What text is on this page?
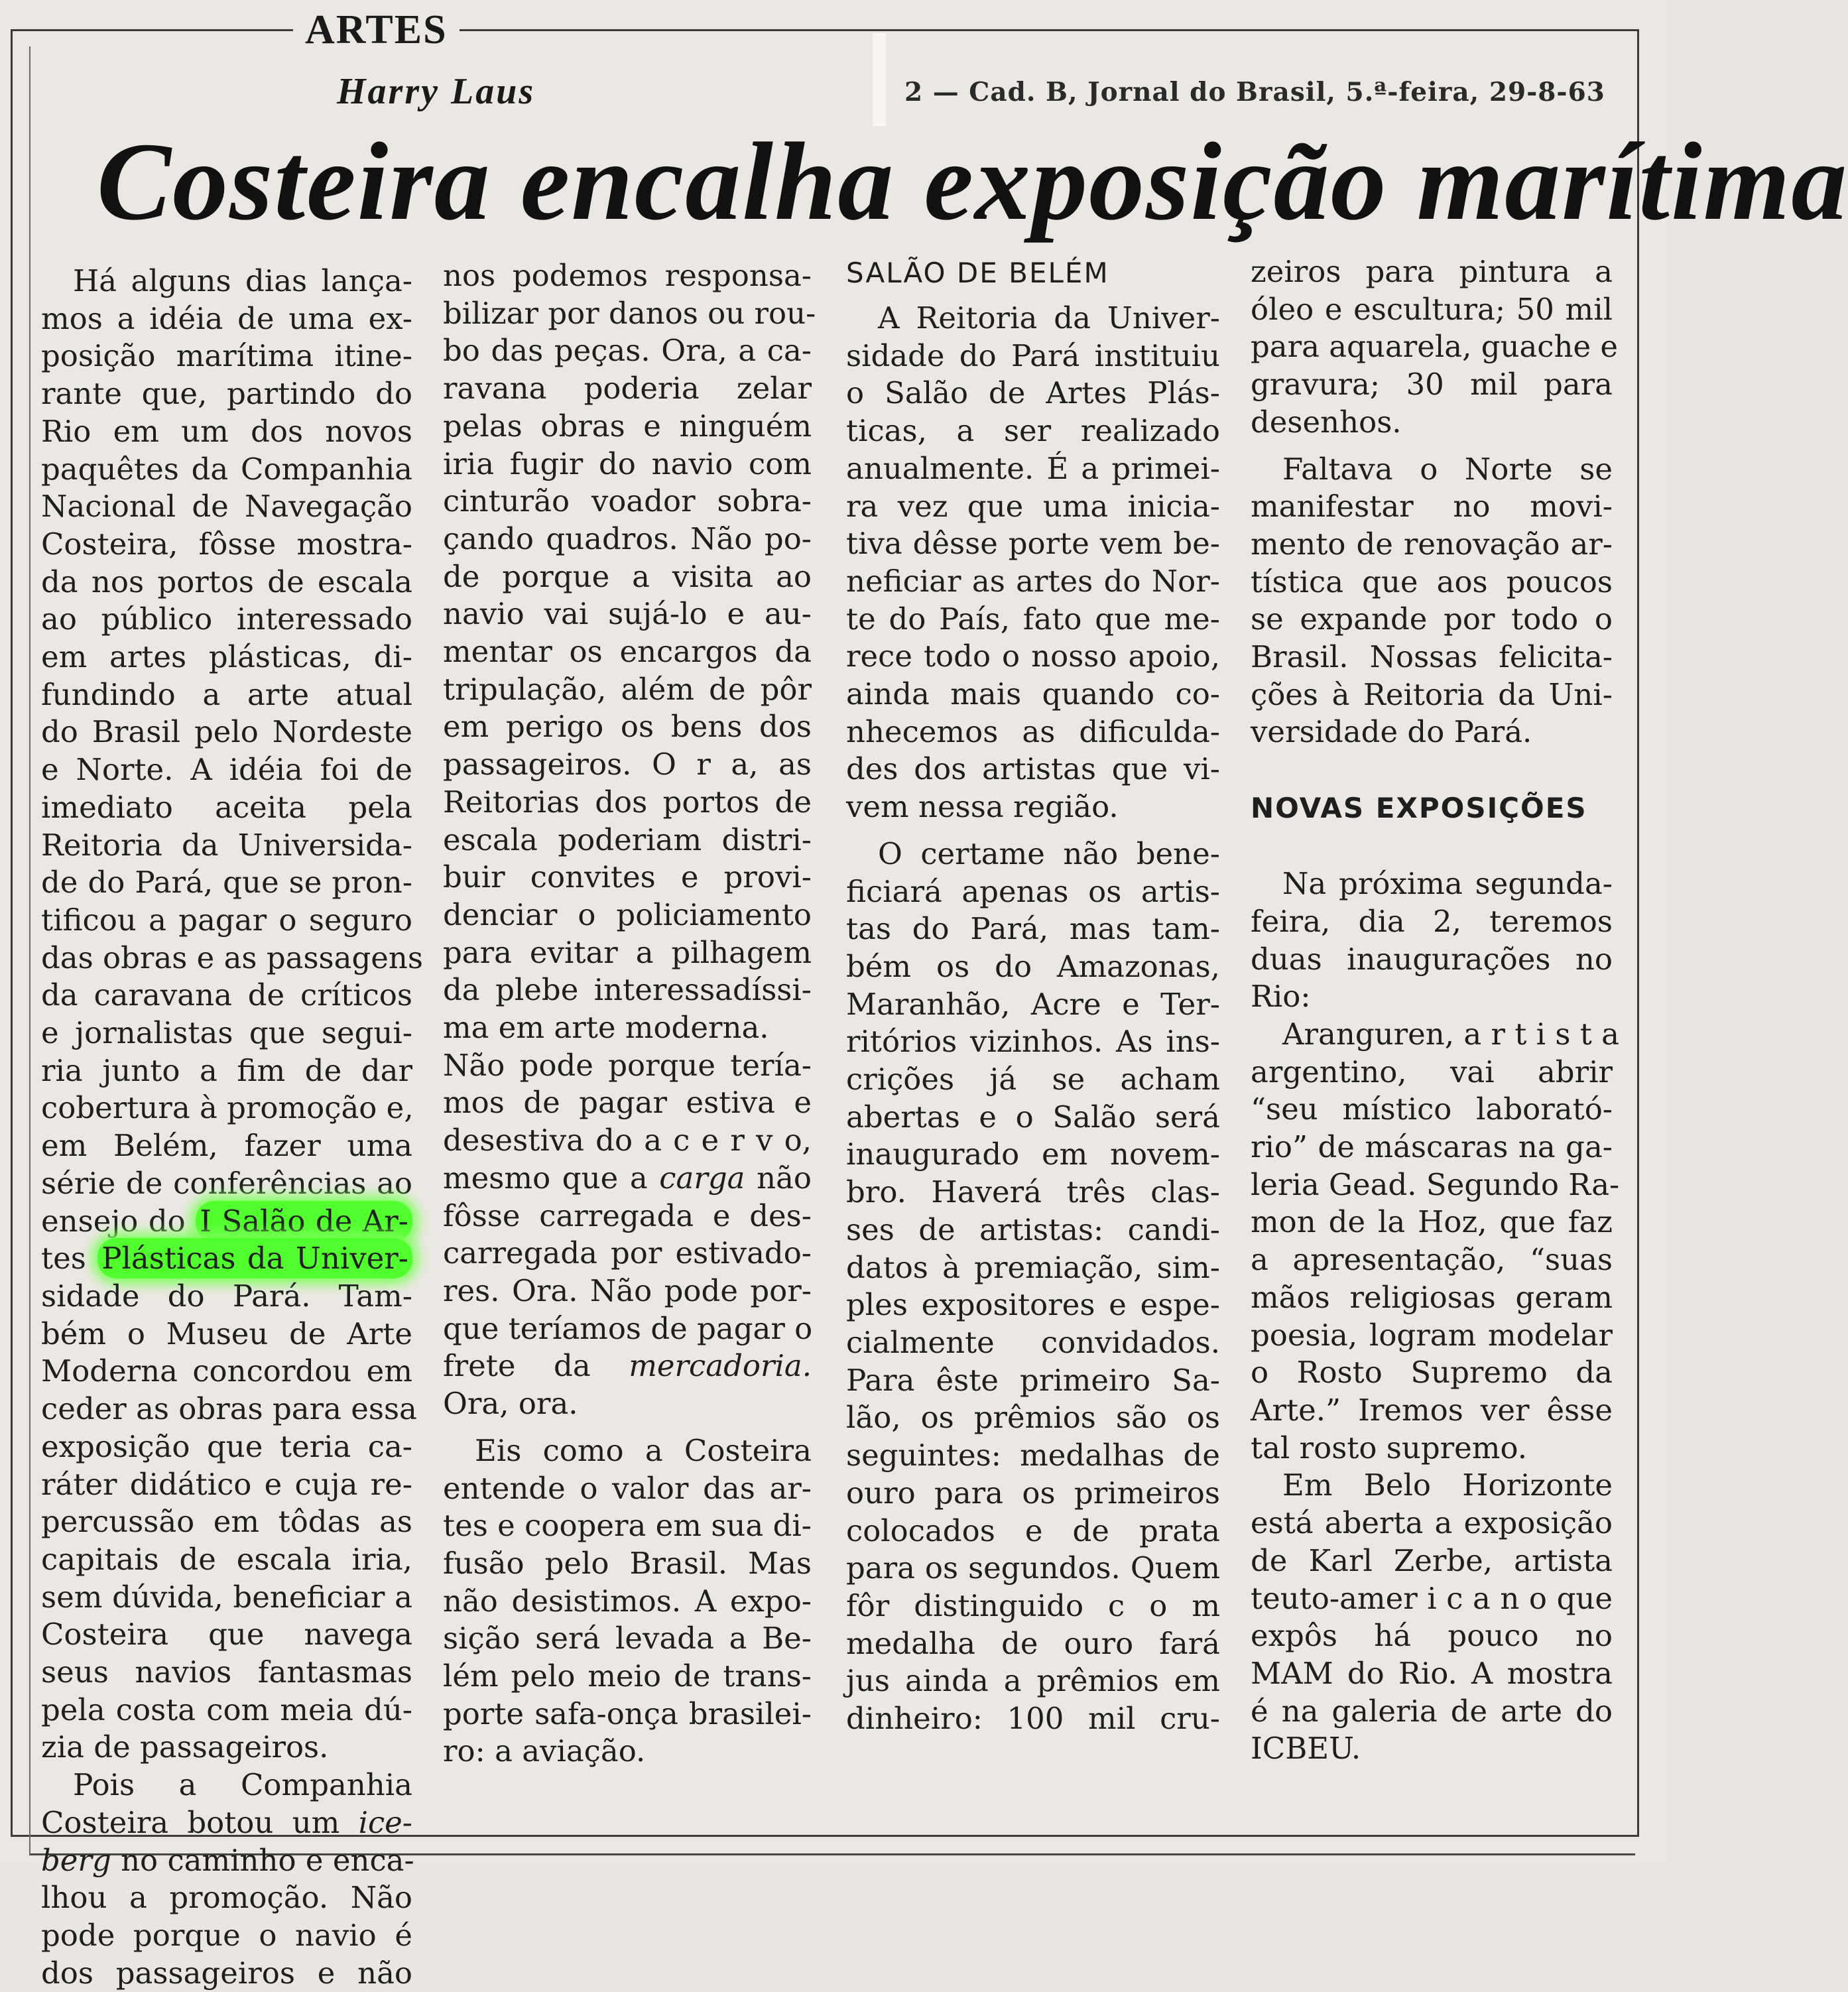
ARTES
Harry Laus	2 — Cad. B, Jornal do Brasil, 5.ª-feira, 29-8-63
Costeira encalha exposição marítima

Há alguns dias lança-

mos a idéia de uma ex-

posição marítima itine-

rante que, partindo do

Rio em um dos novos

paquêtes da Companhia

Nacional de Navegação

Costeira, fôsse mostra-

da nos portos de escala

ao público interessado

em artes plásticas, di-

fundindo a arte atual

do Brasil pelo Nordeste

e Norte. A idéia foi de

imediato aceita pela

Reitoria da Universida-

de do Pará, que se pron-

tificou a pagar o seguro

das obras e as passagens

da caravana de críticos

e jornalistas que segui-

ria junto a fim de dar

cobertura à promoção e,

em Belém, fazer uma

série de conferências ao

ensejo do I Salão de Ar-

tes Plásticas da Univer-

sidade do Pará. Tam-

bém o Museu de Arte

Moderna concordou em

ceder as obras para essa

exposição que teria ca-

ráter didático e cuja re-

percussão em tôdas as

capitais de escala iria,

sem dúvida, beneficiar a

Costeira que navega

seus navios fantasmas

pela costa com meia dú-

zia de passageiros.

Pois a Companhia

Costeira botou um ice-

berg no caminho e enca-

lhou a promoção. Não

pode porque o navio é

dos passageiros e não

nos podemos responsa-

bilizar por danos ou rou-

bo das peças. Ora, a ca-

ravana poderia zelar

pelas obras e ninguém

iria fugir do navio com

cinturão voador sobra-

çando quadros. Não po-

de porque a visita ao

navio vai sujá-lo e au-

mentar os encargos da

tripulação, além de pôr

em perigo os bens dos

passageiros. O r a, as

Reitorias dos portos de

escala poderiam distri-

buir convites e provi-

denciar o policiamento

para evitar a pilhagem

da plebe interessadíssi-

ma em arte moderna.

Não pode porque tería-

mos de pagar estiva e

desestiva do a c e r v o,

mesmo que a carga não

fôsse carregada e des-

carregada por estivado-

res. Ora. Não pode por-

que teríamos de pagar o

frete da mercadoria.

Ora, ora.

Eis como a Costeira

entende o valor das ar-

tes e coopera em sua di-

fusão pelo Brasil. Mas

não desistimos. A expo-

sição será levada a Be-

lém pelo meio de trans-

porte safa-onça brasilei-

ro: a aviação.

SALÃO DE BELÉM

A Reitoria da Univer-

sidade do Pará instituiu

o Salão de Artes Plás-

ticas, a ser realizado

anualmente. É a primei-

ra vez que uma inicia-

tiva dêsse porte vem be-

neficiar as artes do Nor-

te do País, fato que me-

rece todo o nosso apoio,

ainda mais quando co-

nhecemos as dificulda-

des dos artistas que vi-

vem nessa região.

O certame não bene-

ficiará apenas os artis-

tas do Pará, mas tam-

bém os do Amazonas,

Maranhão, Acre e Ter-

ritórios vizinhos. As ins-

crições já se acham

abertas e o Salão será

inaugurado em novem-

bro. Haverá três clas-

ses de artistas: candi-

datos à premiação, sim-

ples expositores e espe-

cialmente convidados.

Para êste primeiro Sa-

lão, os prêmios são os

seguintes: medalhas de

ouro para os primeiros

colocados e de prata

para os segundos. Quem

fôr distinguido c o m

medalha de ouro fará

jus ainda a prêmios em

dinheiro: 100 mil cru-

zeiros para pintura a

óleo e escultura; 50 mil

para aquarela, guache e

gravura; 30 mil para

desenhos.

Faltava o Norte se

manifestar no movi-

mento de renovação ar-

tística que aos poucos

se expande por todo o

Brasil. Nossas felicita-

ções à Reitoria da Uni-

versidade do Pará.

NOVAS EXPOSIÇÕES

Na próxima segunda-

feira, dia 2, teremos

duas inaugurações no

Rio:

Aranguren, a r t i s t a

argentino, vai abrir

“seu místico laborató-

rio” de máscaras na ga-

leria Gead. Segundo Ra-

mon de la Hoz, que faz

a apresentação, “suas

mãos religiosas geram

poesia, logram modelar

o Rosto Supremo da

Arte.” Iremos ver êsse

tal rosto supremo.

Em Belo Horizonte

está aberta a exposição

de Karl Zerbe, artista

teuto-amer i c a n o que

expôs há pouco no

MAM do Rio. A mostra

é na galeria de arte do

ICBEU.
